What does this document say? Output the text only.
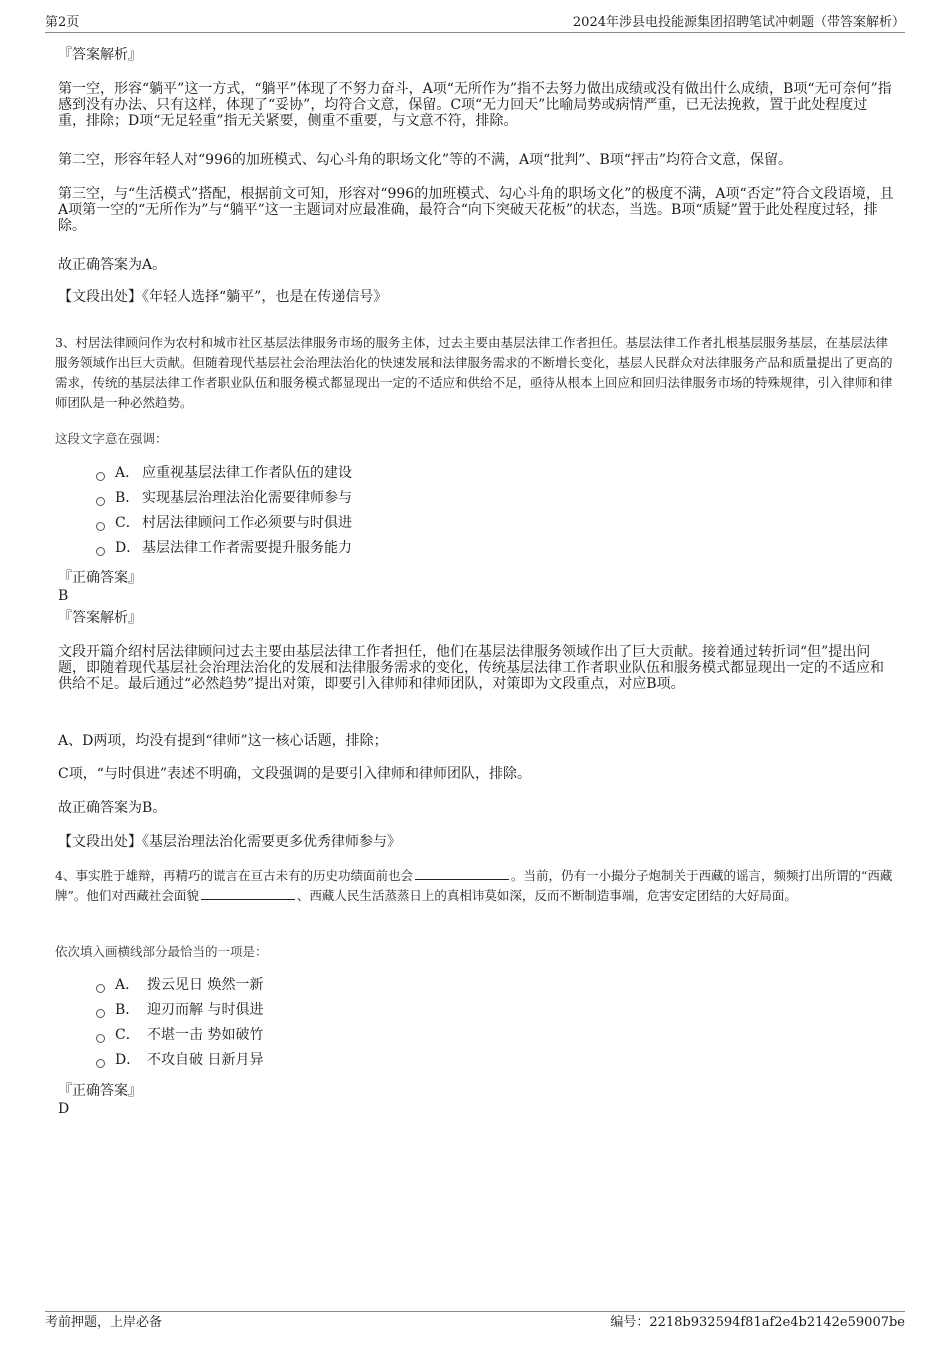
第2页	2024年涉县电投能源集团招聘笔试冲刺题（带答案解析）

『答案解析』

第一空，形容“躺平”这一方式，“躺平”体现了不努力奋斗，A项“无所作为”指不去努力做出成绩或没有做出什么成绩，B项“无可奈何”指感到没有办法、只有这样，体现了“妥协”，均符合文意，保留。C项“无力回天”比喻局势或病情严重，已无法挽救，置于此处程度过重，排除；D项“无足轻重”指无关紧要，侧重不重要，与文意不符，排除。

第二空，形容年轻人对“996的加班模式、勾心斗角的职场文化”等的不满，A项“批判”、B项“抨击”均符合文意，保留。

第三空，与“生活模式”搭配，根据前文可知，形容对“996的加班模式、勾心斗角的职场文化”的极度不满，A项“否定”符合文段语境，且A项第一空的“无所作为”与“躺平”这一主题词对应最准确，最符合“向下突破天花板”的状态，当选。B项“质疑”置于此处程度过轻，排除。

故正确答案为A。

【文段出处】《年轻人选择“躺平”，也是在传递信号》

3、村居法律顾问作为农村和城市社区基层法律服务市场的服务主体，过去主要由基层法律工作者担任。基层法律工作者扎根基层服务基层，在基层法律服务领域作出巨大贡献。但随着现代基层社会治理法治化的快速发展和法律服务需求的不断增长变化，基层人民群众对法律服务产品和质量提出了更高的需求，传统的基层法律工作者职业队伍和服务模式都显现出一定的不适应和供给不足，亟待从根本上回应和回归法律服务市场的特殊规律，引入律师和律师团队是一种必然趋势。

这段文字意在强调：

A． 应重视基层法律工作者队伍的建设
B． 实现基层治理法治化需要律师参与
C． 村居法律顾问工作必须要与时俱进
D． 基层法律工作者需要提升服务能力

『正确答案』

B

『答案解析』

文段开篇介绍村居法律顾问过去主要由基层法律工作者担任，他们在基层法律服务领域作出了巨大贡献。接着通过转折词“但”提出问题，即随着现代基层社会治理法治化的发展和法律服务需求的变化，传统基层法律工作者职业队伍和服务模式都显现出一定的不适应和供给不足。最后通过“必然趋势”提出对策，即要引入律师和律师团队，对策即为文段重点，对应B项。

A、D两项，均没有提到“律师”这一核心话题，排除；

C项，“与时俱进”表述不明确，文段强调的是要引入律师和律师团队，排除。

故正确答案为B。

【文段出处】《基层治理法治化需要更多优秀律师参与》

4、事实胜于雄辩，再精巧的谎言在亘古未有的历史功绩面前也会	。当前，仍有一小撮分子炮制关于西藏的谣言，频频打出所谓的“西藏牌”。他们对西藏社会面貌	、西藏人民生活蒸蒸日上的真相讳莫如深，反而不断制造事端，危害安定团结的大好局面。

依次填入画横线部分最恰当的一项是：

A． 拨云见日 焕然一新
B． 迎刃而解 与时俱进
C． 不堪一击 势如破竹
D． 不攻自破 日新月异

『正确答案』

D

考前押题，上岸必备	编号：2218b932594f81af2e4b2142e59007be
